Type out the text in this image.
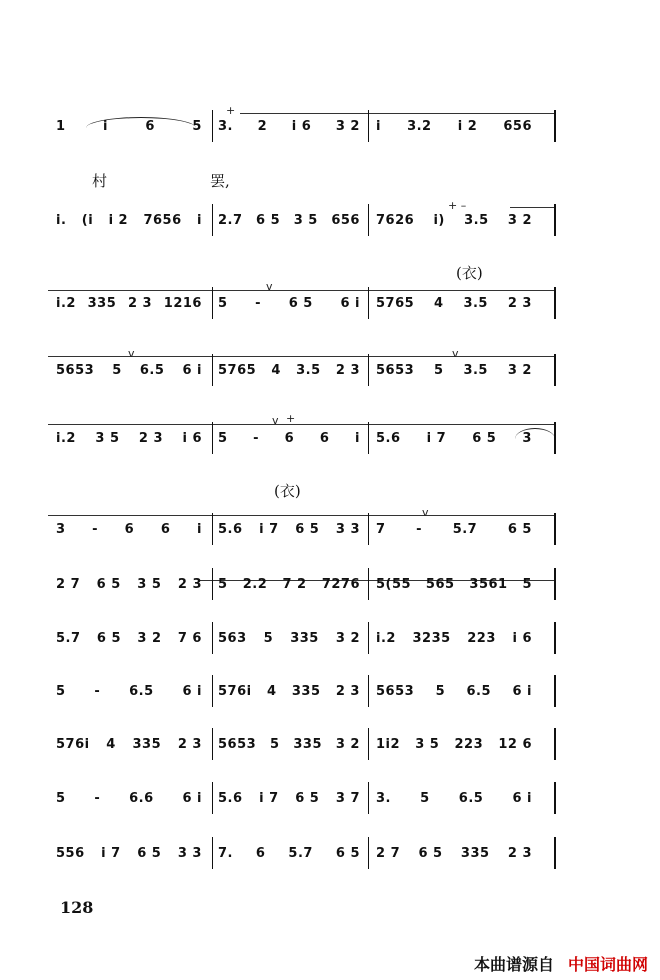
+
+ –
v
v	v
v +
v
1	i	6	5 3. 2 i 6 3 2 i 3.2 i 2 656
i. (i i 2 7656 i 2.7 6 5 3 5 656 7626 i) 3.5 3 2
i.2 335 2 3 1216 5 - 6 5 6 i 5765 4 3.5 2 3
5653 5 6.5 6 i 5765 4 3.5 2 3 5653 5 3.5 3 2
i.2 3 5 2 3 i 6 5 - 6 6 i 5.6 i 7 6 5 3
3 - 6 6 i 5.6 i 7 6 5 3 3 7 - 5.7 6 5
2 7 6 5 3 5 2 3 5 2.2 7 2 7276 5(55 565 3561 5
5.7 6 5 3 2 7 6 563 5 335 3 2 i.2 3235 223 i 6
5 - 6.5 6 i 576i 4 335 2 3 5653 5 6.5 6 i
576i 4 335 2 3 5653 5 335 3 2 1i2 3 5 223 12 6
5 - 6.6 6 i 5.6 i 7 6 5 3 7 3. 5 6.5 6 i
556 i 7 6 5 3 3 7. 6 5.7 6 5 2 7 6 5 335 2 3
村	罢,
(衣)
(衣)
128
本曲谱源自 中国词曲网
